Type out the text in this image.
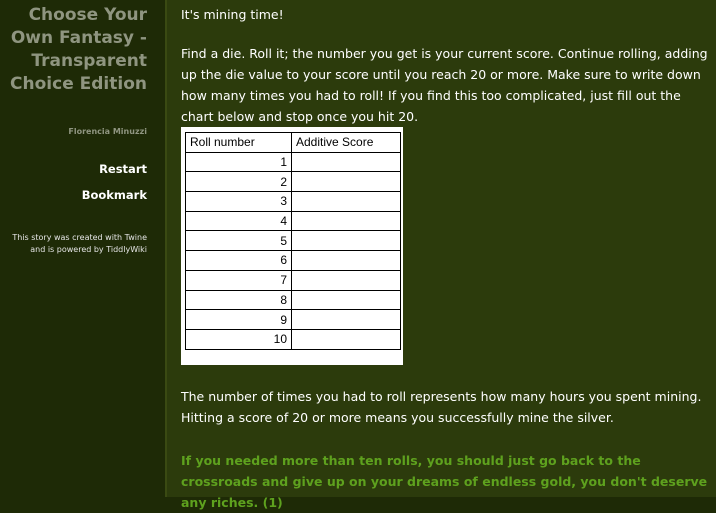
Choose Your Own Fantasy - Transparent Choice Edition
Florencia Minuzzi
Restart
Bookmark
This story was created with Twine and is powered by TiddlyWiki
It's mining time!
Find a die. Roll it; the number you get is your current score. Continue rolling, adding up the die value to your score until you reach 20 or more. Make sure to write down how many times you had to roll! If you find this too complicated, just fill out the chart below and stop once you hit 20.
Roll number	Additive Score
1	
2	
3	
4	
5	
6	
7	
8	
9	
10	
The number of times you had to roll represents how many hours you spent mining. Hitting a score of 20 or more means you successfully mine the silver.
If you needed more than ten rolls, you should just go back to the crossroads and give up on your dreams of endless gold, you don't deserve any riches. (1)
